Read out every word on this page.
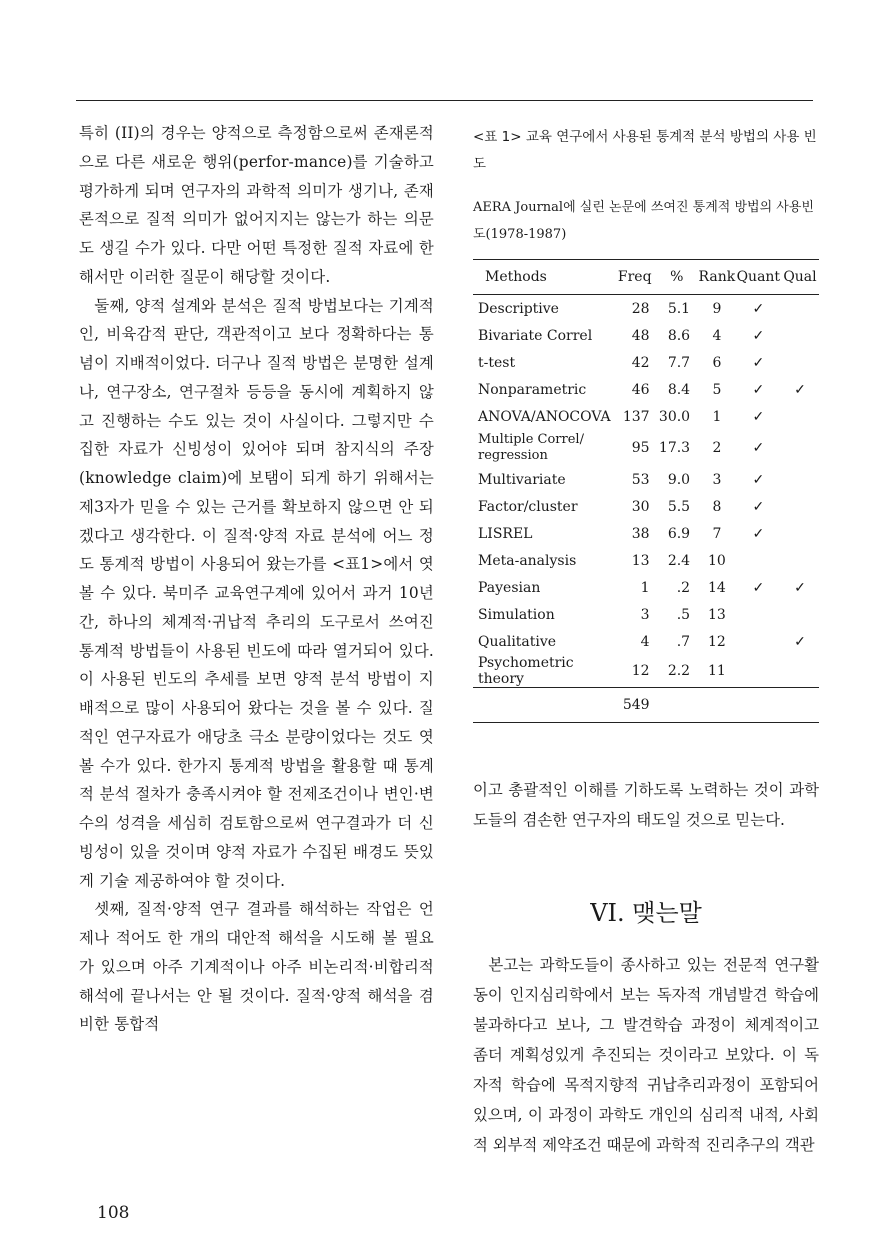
특히 (II)의 경우는 양적으로 측정함으로써 존재론적으로 다른 새로운 행위(perfor-mance)를 기술하고 평가하게 되며 연구자의 과학적 의미가 생기나, 존재론적으로 질적 의미가 없어지지는 않는가 하는 의문도 생길 수가 있다. 다만 어떤 특정한 질적 자료에 한해서만 이러한 질문이 해당할 것이다.

둘째, 양적 설계와 분석은 질적 방법보다는 기계적인, 비육감적 판단, 객관적이고 보다 정확하다는 통념이 지배적이었다. 더구나 질적 방법은 분명한 설계나, 연구장소, 연구절차 등등을 동시에 계획하지 않고 진행하는 수도 있는 것이 사실이다. 그렇지만 수집한 자료가 신빙성이 있어야 되며 참지식의 주장(knowledge claim)에 보탬이 되게 하기 위해서는 제3자가 믿을 수 있는 근거를 확보하지 않으면 안 되겠다고 생각한다. 이 질적·양적 자료 분석에 어느 정도 통계적 방법이 사용되어 왔는가를 <표1>에서 엿볼 수 있다. 북미주 교육연구계에 있어서 과거 10년간, 하나의 체계적·귀납적 추리의 도구로서 쓰여진 통계적 방법들이 사용된 빈도에 따라 열거되어 있다. 이 사용된 빈도의 추세를 보면 양적 분석 방법이 지배적으로 많이 사용되어 왔다는 것을 볼 수 있다. 질적인 연구자료가 애당초 극소 분량이었다는 것도 엿볼 수가 있다. 한가지 통계적 방법을 활용할 때 통계적 분석 절차가 충족시켜야 할 전제조건이나 변인·변수의 성격을 세심히 검토함으로써 연구결과가 더 신빙성이 있을 것이며 양적 자료가 수집된 배경도 뜻있게 기술 제공하여야 할 것이다.

셋째, 질적·양적 연구 결과를 해석하는 작업은 언제나 적어도 한 개의 대안적 해석을 시도해 볼 필요가 있으며 아주 기계적이나 아주 비논리적·비합리적 해석에 끝나서는 안 될 것이다. 질적·양적 해석을 겸비한 통합적

<표 1> 교육 연구에서 사용된 통계적 분석 방법의 사용 빈도
AERA Journal에 실린 논문에 쓰여진 통계적 방법의 사용빈도(1978-1987)
Methods	Freq	%	Rank	Quant	Qual
Descriptive	28	5.1	9	✓	
Bivariate Correl	48	8.6	4	✓	
t-test	42	7.7	6	✓	
Nonparametric	46	8.4	5	✓	✓
ANOVA/ANOCOVA	137	30.0	1	✓	
Multiple Correl/ regression	95	17.3	2	✓	
Multivariate	53	9.0	3	✓	
Factor/cluster	30	5.5	8	✓	
LISREL	38	6.9	7	✓	
Meta-analysis	13	2.4	10		
Payesian	1	.2	14	✓	✓
Simulation	3	.5	13		
Qualitative	4	.7	12		✓
Psychometric theory	12	2.2	11		
	549				

이고 총괄적인 이해를 기하도록 노력하는 것이 과학도들의 겸손한 연구자의 태도일 것으로 믿는다.

VI. 맺는말

본고는 과학도들이 종사하고 있는 전문적 연구활동이 인지심리학에서 보는 독자적 개념발견 학습에 불과하다고 보나, 그 발견학습 과정이 체계적이고 좀더 계획성있게 추진되는 것이라고 보았다. 이 독자적 학습에 목적지향적 귀납추리과정이 포함되어 있으며, 이 과정이 과학도 개인의 심리적 내적, 사회적 외부적 제약조건 때문에 과학적 진리추구의 객관

108
